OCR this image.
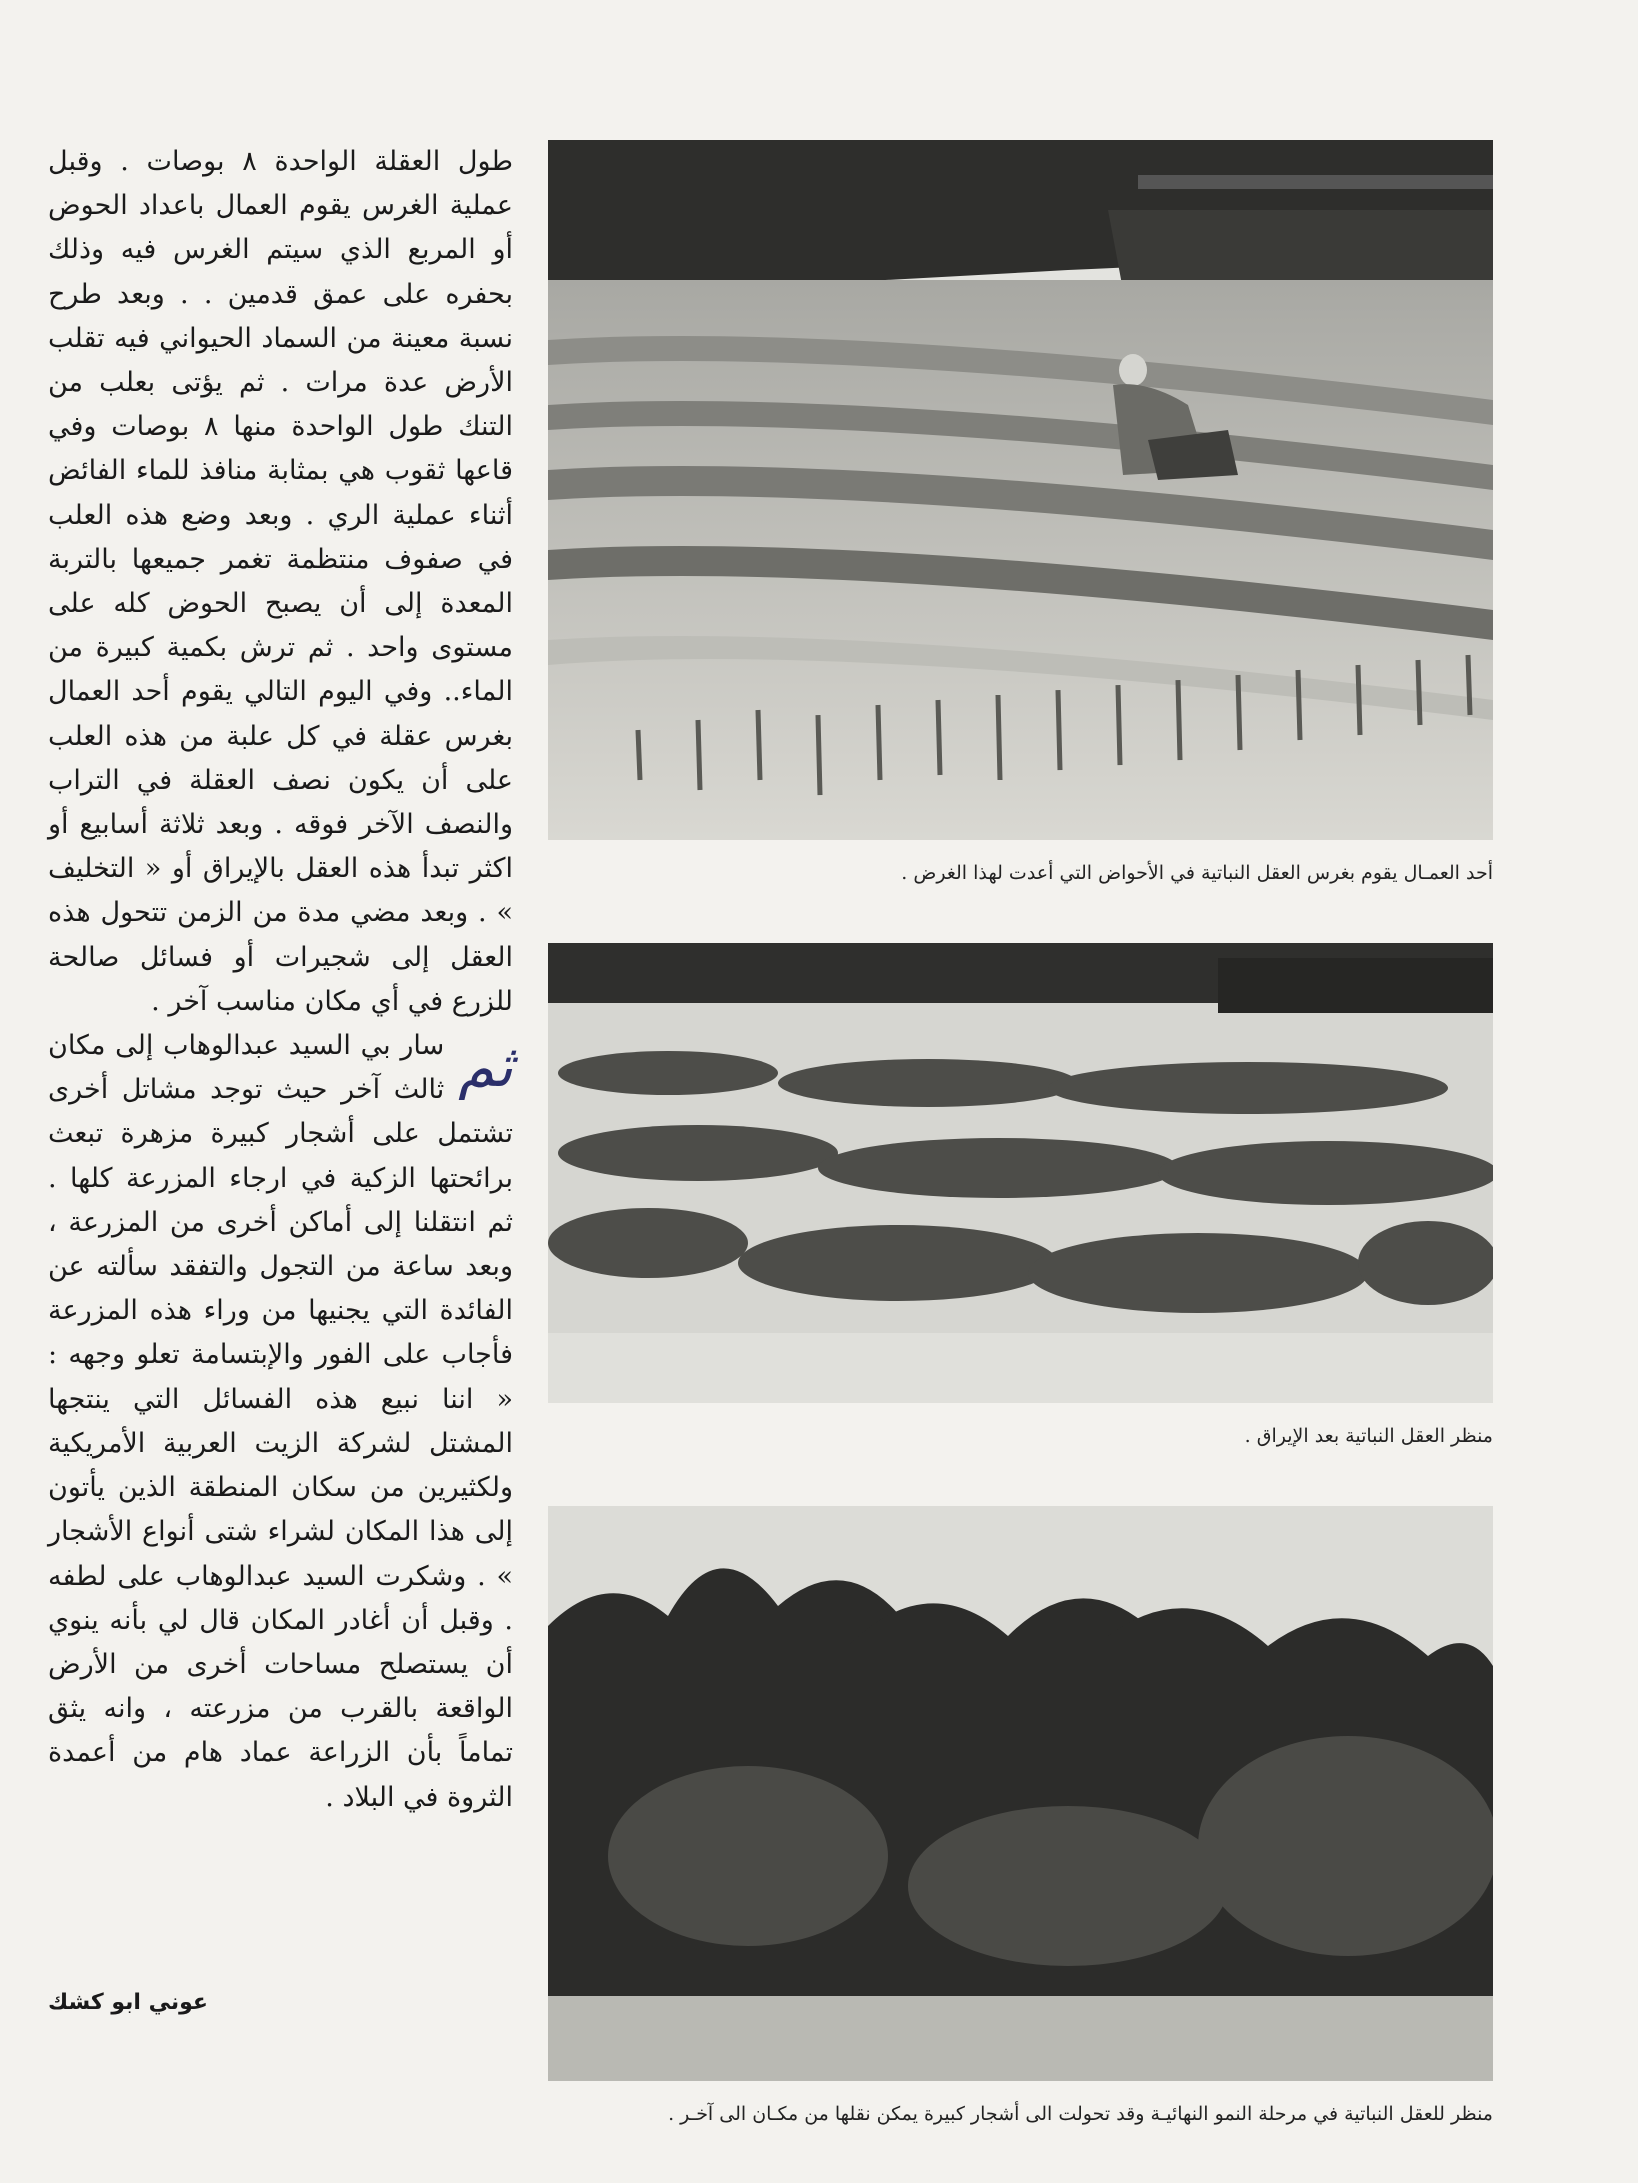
طول العقلة الواحدة ٨ بوصات . وقبل عملية الغرس يقوم العمال باعداد الحوض أو المربع الذي سيتم الغرس فيه وذلك بحفره على عمق قدمين . . وبعد طرح نسبة معينة من السماد الحيواني فيه تقلب الأرض عدة مرات . ثم يؤتى بعلب من التنك طول الواحدة منها ٨ بوصات وفي قاعها ثقوب هي بمثابة منافذ للماء الفائض أثناء عملية الري . وبعد وضع هذه العلب في صفوف منتظمة تغمر جميعها بالتربة المعدة إلى أن يصبح الحوض كله على مستوى واحد . ثم ترش بكمية كبيرة من الماء.. وفي اليوم التالي يقوم أحد العمال بغرس عقلة في كل علبة من هذه العلب على أن يكون نصف العقلة في التراب والنصف الآخر فوقه . وبعد ثلاثة أسابيع أو اكثر تبدأ هذه العقل بالإيراق أو « التخليف » . وبعد مضي مدة من الزمن تتحول هذه العقل إلى شجيرات أو فسائل صالحة للزرع في أي مكان مناسب آخر .

ثم
سار بي السيد عبدالوهاب إلى مكان ثالث آخر حيث توجد مشاتل أخرى تشتمل على أشجار كبيرة مزهرة تبعث برائحتها الزكية في ارجاء المزرعة كلها . ثم انتقلنا إلى أماكن أخرى من المزرعة ، وبعد ساعة من التجول والتفقد سألته عن الفائدة التي يجنيها من وراء هذه المزرعة فأجاب على الفور والإبتسامة تعلو وجهه : « اننا نبيع هذه الفسائل التي ينتجها المشتل لشركة الزيت العربية الأمريكية ولكثيرين من سكان المنطقة الذين يأتون إلى هذا المكان لشراء شتى أنواع الأشجار » . وشكرت السيد عبدالوهاب على لطفه . وقبل أن أغادر المكان قال لي بأنه ينوي أن يستصلح مساحات أخرى من الأرض الواقعة بالقرب من مزرعته ، وانه يثق تماماً بأن الزراعة عماد هام من أعمدة الثروة في البلاد .

عوني ابو كشك
أحد العمـال يقوم بغرس العقل النباتية في الأحواض التي أعدت لهذا الغرض .
منظر العقل النباتية بعد الإيراق .
منظر للعقل النباتية في مرحلة النمو النهائيـة وقد تحولت الى أشجار كبيرة يمكن نقلها من مكـان الى آخـر .
